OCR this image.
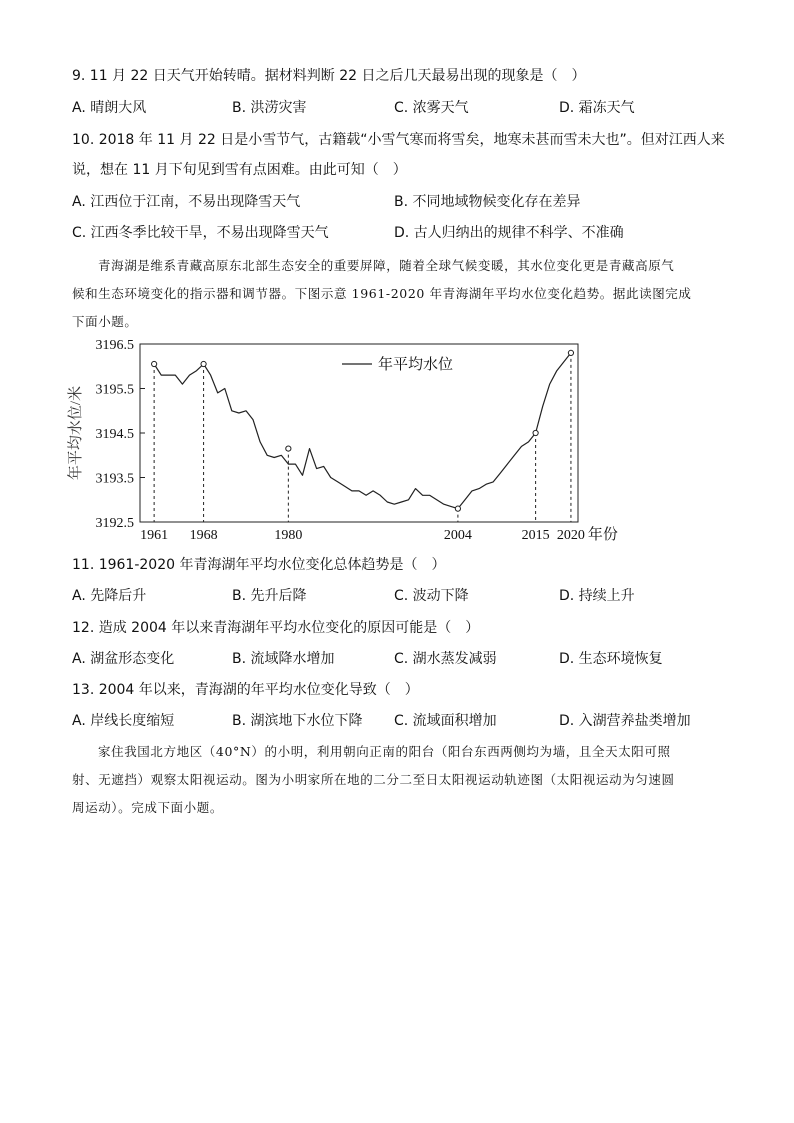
9. 11 月 22 日天气开始转晴。据材料判断 22 日之后几天最易出现的现象是（　）
A. 晴朗大风	B. 洪涝灾害	C. 浓雾天气	D. 霜冻天气
10. 2018 年 11 月 22 日是小雪节气，古籍载“小雪气寒而将雪矣，地寒未甚而雪未大也”。但对江西人来
说，想在 11 月下旬见到雪有点困难。由此可知（　）
A. 江西位于江南，不易出现降雪天气	B. 不同地域物候变化存在差异
C. 江西冬季比较干旱，不易出现降雪天气	D. 古人归纳出的规律不科学、不准确
青海湖是维系青藏高原东北部生态安全的重要屏障，随着全球气候变暖，其水位变化更是青藏高原气
候和生态环境变化的指示器和调节器。下图示意 1961-2020 年青海湖年平均水位变化趋势。据此读图完成
下面小题。
3196.5
3195.5
3194.5
3193.5
3192.5
1961 1968	1980	2004	2015 2020 年份
年平均水位/米
年平均水位
11. 1961-2020 年青海湖年平均水位变化总体趋势是（　）
A. 先降后升	B. 先升后降	C. 波动下降	D. 持续上升
12. 造成 2004 年以来青海湖年平均水位变化的原因可能是（　）
A. 湖盆形态变化	B. 流域降水增加	C. 湖水蒸发减弱	D. 生态环境恢复
13. 2004 年以来，青海湖的年平均水位变化导致（　）
A. 岸线长度缩短	B. 湖滨地下水位下降 C. 流域面积增加	D. 入湖营养盐类增加
家住我国北方地区（40°N）的小明，利用朝向正南的阳台（阳台东西两侧均为墙，且全天太阳可照
射、无遮挡）观察太阳视运动。图为小明家所在地的二分二至日太阳视运动轨迹图（太阳视运动为匀速圆
周运动）。完成下面小题。
